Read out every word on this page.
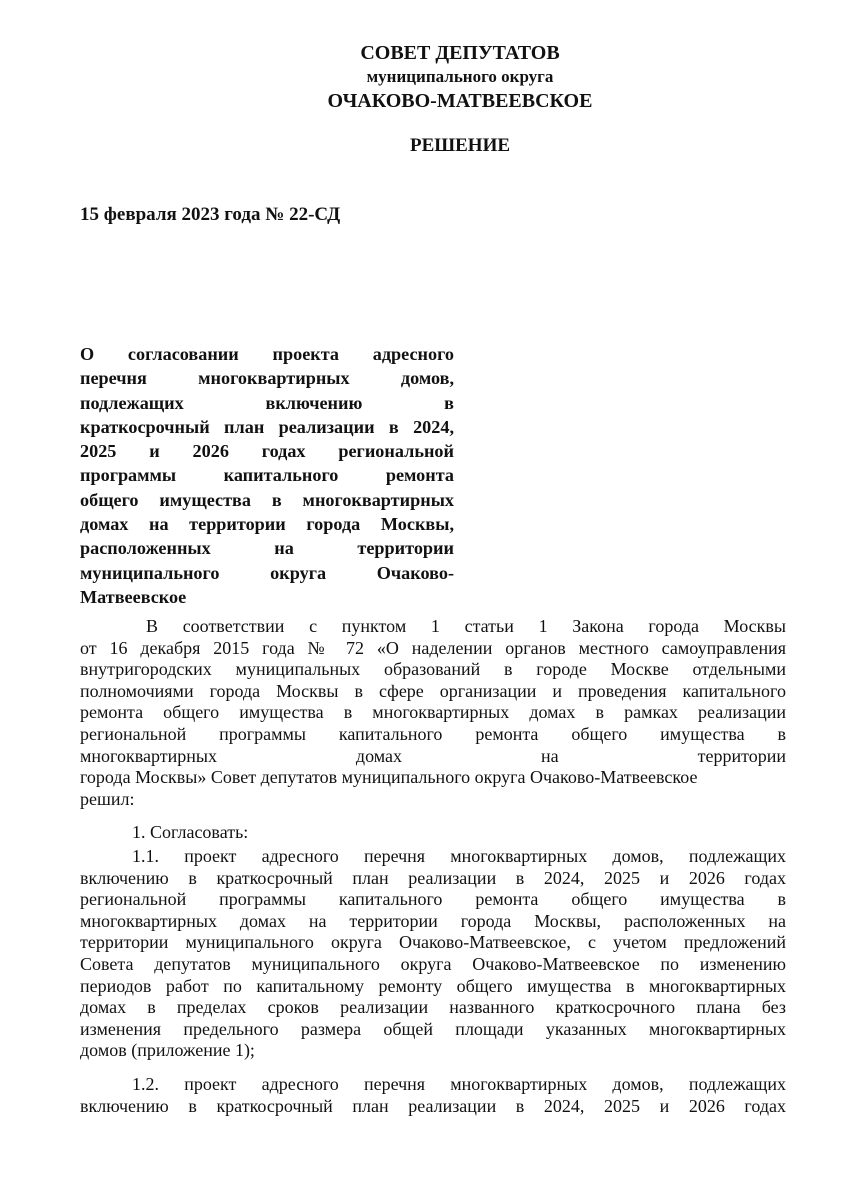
СОВЕТ ДЕПУТАТОВ
муниципального округа
ОЧАКОВО-МАТВЕЕВСКОЕ
РЕШЕНИЕ
15 февраля 2023 года № 22-СД
О согласовании проекта адресного
перечня многоквартирных домов,
подлежащих включению в
краткосрочный план реализации в 2024,
2025 и 2026 годах региональной
программы капитального ремонта
общего имущества в многоквартирных
домах на территории города Москвы,
расположенных на территории
муниципального округа Очаково-
Матвеевское
В соответствии с пунктом 1 статьи 1 Закона города Москвы
от 16 декабря 2015 года № 72 «О наделении органов местного самоуправления
внутригородских муниципальных образований в городе Москве отдельными
полномочиями города Москвы в сфере организации и проведения капитального
ремонта общего имущества в многоквартирных домах в рамках реализации
региональной программы капитального ремонта общего имущества в
многоквартирных домах на территории
города Москвы» Совет депутатов муниципального округа Очаково-Матвеевское
решил:
1. Согласовать:
1.1. проект адресного перечня многоквартирных домов, подлежащих
включению в краткосрочный план реализации в 2024, 2025 и 2026 годах
региональной программы капитального ремонта общего имущества в
многоквартирных домах на территории города Москвы, расположенных на
территории муниципального округа Очаково-Матвеевское, с учетом предложений
Совета депутатов муниципального округа Очаково-Матвеевское по изменению
периодов работ по капитальному ремонту общего имущества в многоквартирных
домах в пределах сроков реализации названного краткосрочного плана без
изменения предельного размера общей площади указанных многоквартирных
домов (приложение 1);
1.2. проект адресного перечня многоквартирных домов, подлежащих
включению в краткосрочный план реализации в 2024, 2025 и 2026 годах
